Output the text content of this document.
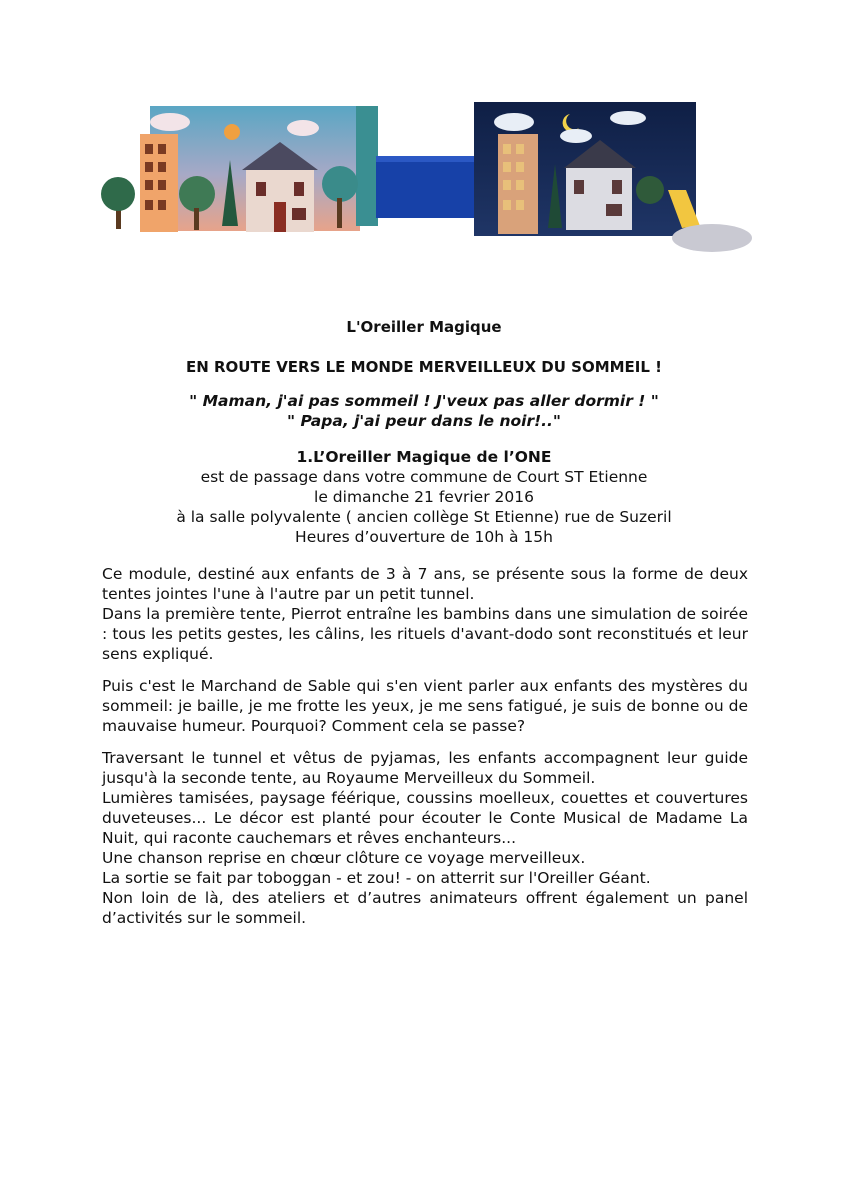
L'Oreiller Magique
EN ROUTE VERS LE MONDE MERVEILLEUX DU SOMMEIL !
" Maman, j'ai pas sommeil ! J'veux pas aller dormir ! "
" Papa, j'ai peur dans le noir!.."
1.L’Oreiller Magique de l’ONE
est de passage dans votre commune de Court ST Etienne
le dimanche 21 fevrier 2016
à la salle polyvalente ( ancien collège St Etienne) rue de Suzeril
Heures d’ouverture de 10h à 15h

Ce module, destiné aux enfants de 3 à 7 ans, se présente sous la forme de deux tentes jointes l'une à l'autre par un petit tunnel.

Dans la première tente, Pierrot entraîne les bambins dans une simulation de soirée : tous les petits gestes, les câlins, les rituels d'avant-dodo sont reconstitués et leur sens expliqué.

Puis c'est le Marchand de Sable qui s'en vient parler aux enfants des mystères du sommeil: je baille, je me frotte les yeux, je me sens fatigué, je suis de bonne ou de mauvaise humeur. Pourquoi? Comment cela se passe?

Traversant le tunnel et vêtus de pyjamas, les enfants accompagnent leur guide jusqu'à la seconde tente, au Royaume Merveilleux du Sommeil.

Lumières tamisées, paysage féérique, coussins moelleux, couettes et couvertures duveteuses... Le décor est planté pour écouter le Conte Musical de Madame La Nuit, qui raconte cauchemars et rêves enchanteurs...

Une chanson reprise en chœur clôture ce voyage merveilleux.

La sortie se fait par toboggan - et zou! - on atterrit sur l'Oreiller Géant.

Non loin de là, des ateliers et d’autres animateurs offrent également un panel d’activités sur le sommeil.
